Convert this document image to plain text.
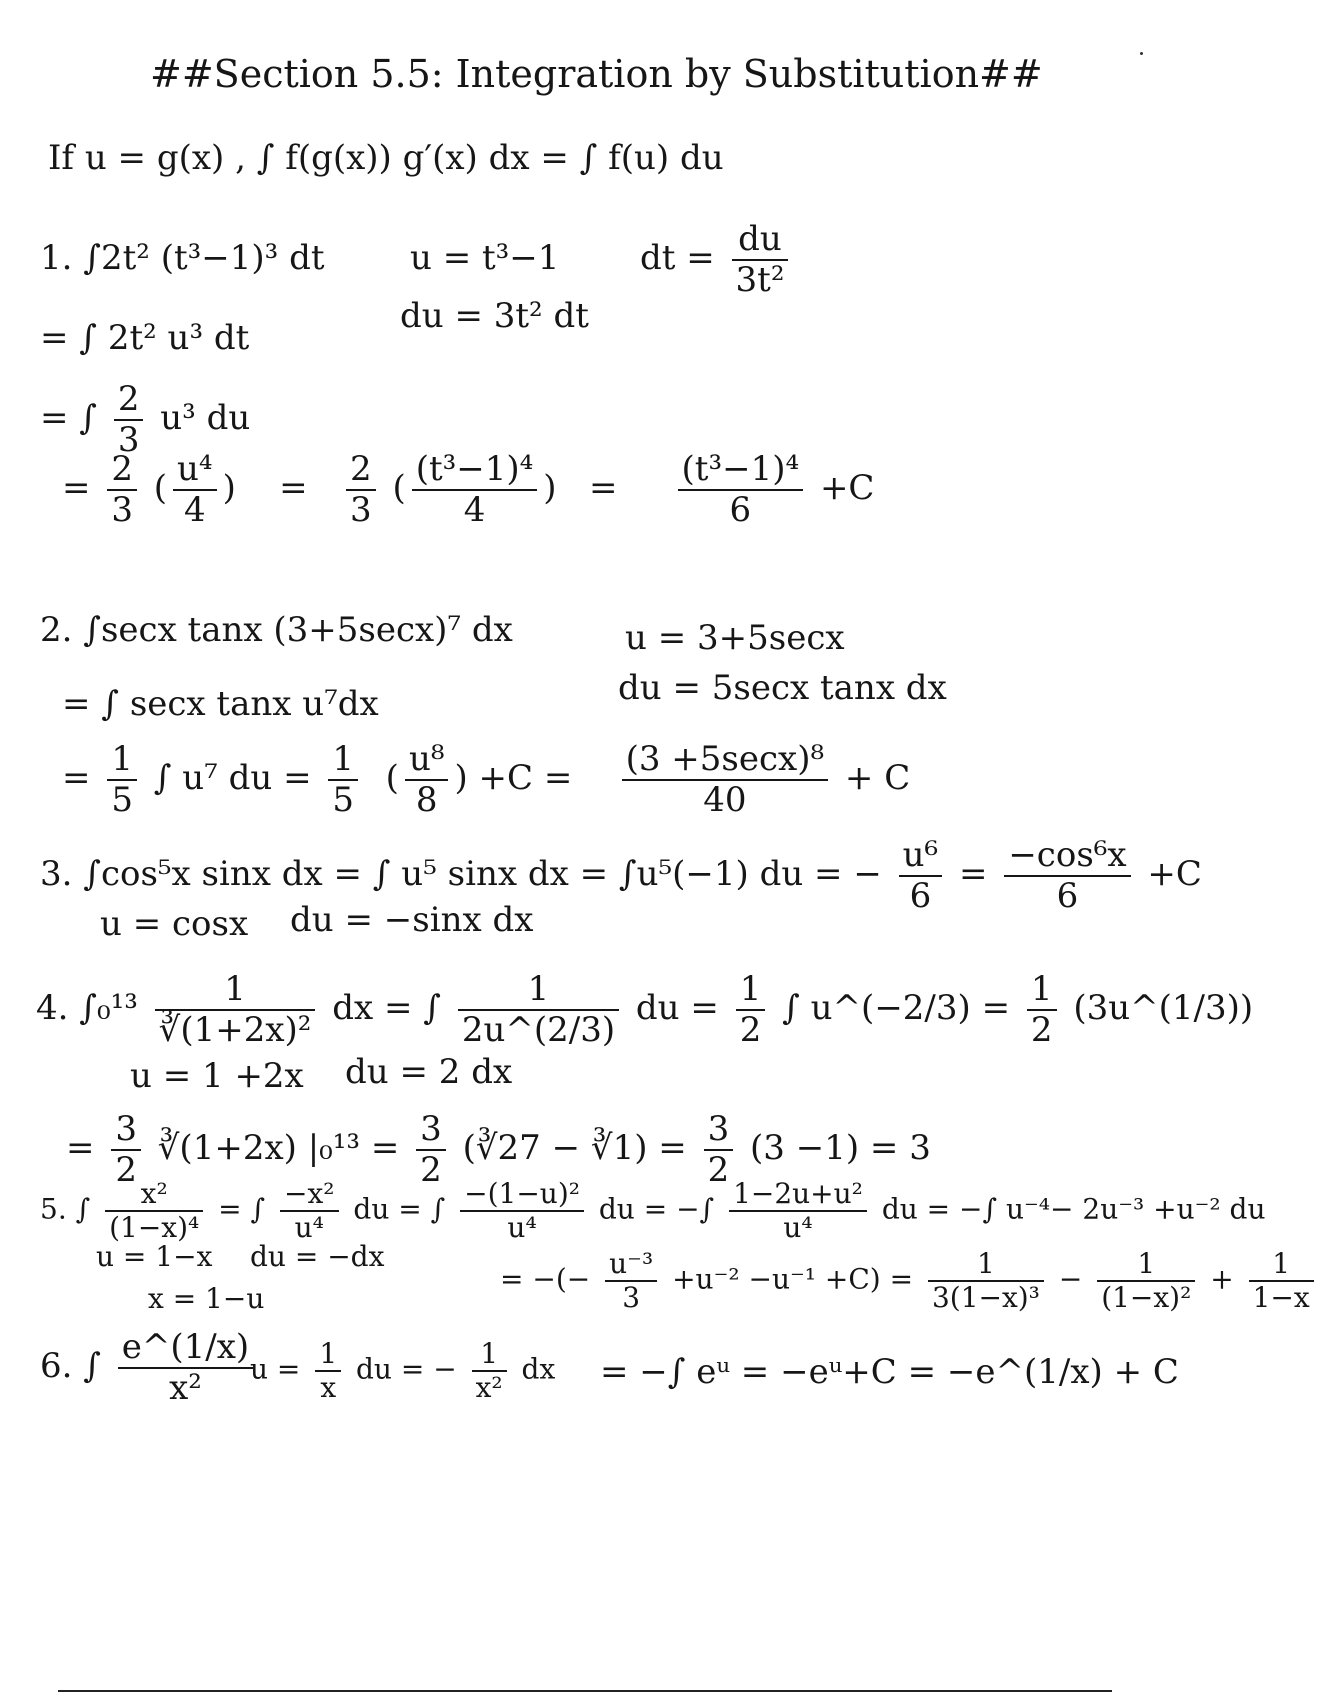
##Section 5.5: Integration by Substitution##
If u = g(x) , ∫ f(g(x)) g′(x) dx = ∫ f(u) du
1. ∫2t² (t³−1)³ dt	u = t³−1
du = 3t² dt
dt = $\frac{du}{\text{3t²}}$
= ∫ 2t² u³ dt
= ∫ $\frac{2}{3} u^3$ du
= $\frac{2}{3}$ ( $\frac{\text{u⁴}}{4}$ ) = $\frac{2}{3}$ ( $\frac{\text{(t³−1)⁴}}{4}$ ) = $\frac{\text{(t³−1)⁴}}{6} +C$
2. ∫secx tanx (3+5secx)⁷ dx	u = 3+5secx
du = 5secx tanx dx
= ∫ secx tanx u⁷dx
= $\frac{1}{5}$ ∫ u⁷ du = $\frac{1}{5}$ ( $\frac{\text{u⁸}}{8}$ ) $+C = \frac{\text{(3 +5secx)⁸}}{40} + C$
3. ∫cos⁵x sinx dx = ∫ u⁵ sinx dx = ∫u⁵(−1) du = − $\frac{\text{u⁶}}{6} = \frac{\text{−cos⁶x}}{6} +C$
u = cosx du = −sinx dx
4. $\int_0^{13} \frac{1}{\text{∛(1+2x)²}}$ dx = ∫ $\frac{1}{2u\^{}(2/3)}$ du = $\frac{1}{2}$ ∫ u^(−2/3) = $\frac{1}{2}$ (3u^(1/3))
u = 1 +2x du = 2 dx
= $\frac{3}{2}$ ∛(1+2x) $|_0^{13} = \frac{3}{2}$ (∛27 − ∛1) = $\frac{3}{2} (3 -1) = 3$
5. ∫ $\frac{\text{x²}}{\text{(1−x)⁴}}$ = ∫ $\frac{\text{−x²}}{\text{u⁴}}$ du = ∫ $\frac{\text{−(1−u)²}}{\text{u⁴}}$ du = −∫ $\frac{\text{1−2u+u²}}{\text{u⁴}}$ du = −∫ u⁻⁴− 2u⁻³ +u⁻² du
u = 1−x du = −dx
x = 1−u
= −(− $\frac{\text{u⁻³}}{3} +u^{-2} -u^{-1} +C) = \frac{1}{\text{3(1−x)³}} - \frac{1}{\text{(1−x)²}} + \frac{1}{1-x}$
6. ∫ $\frac{e\^{}(1/x)}{\text{x²}}$
$u = \frac{1}{x}$ du = − $\frac{1}{\text{x²}}$ dx = −∫ eᵘ = −eᵘ+C = −e^(1/x) + C
